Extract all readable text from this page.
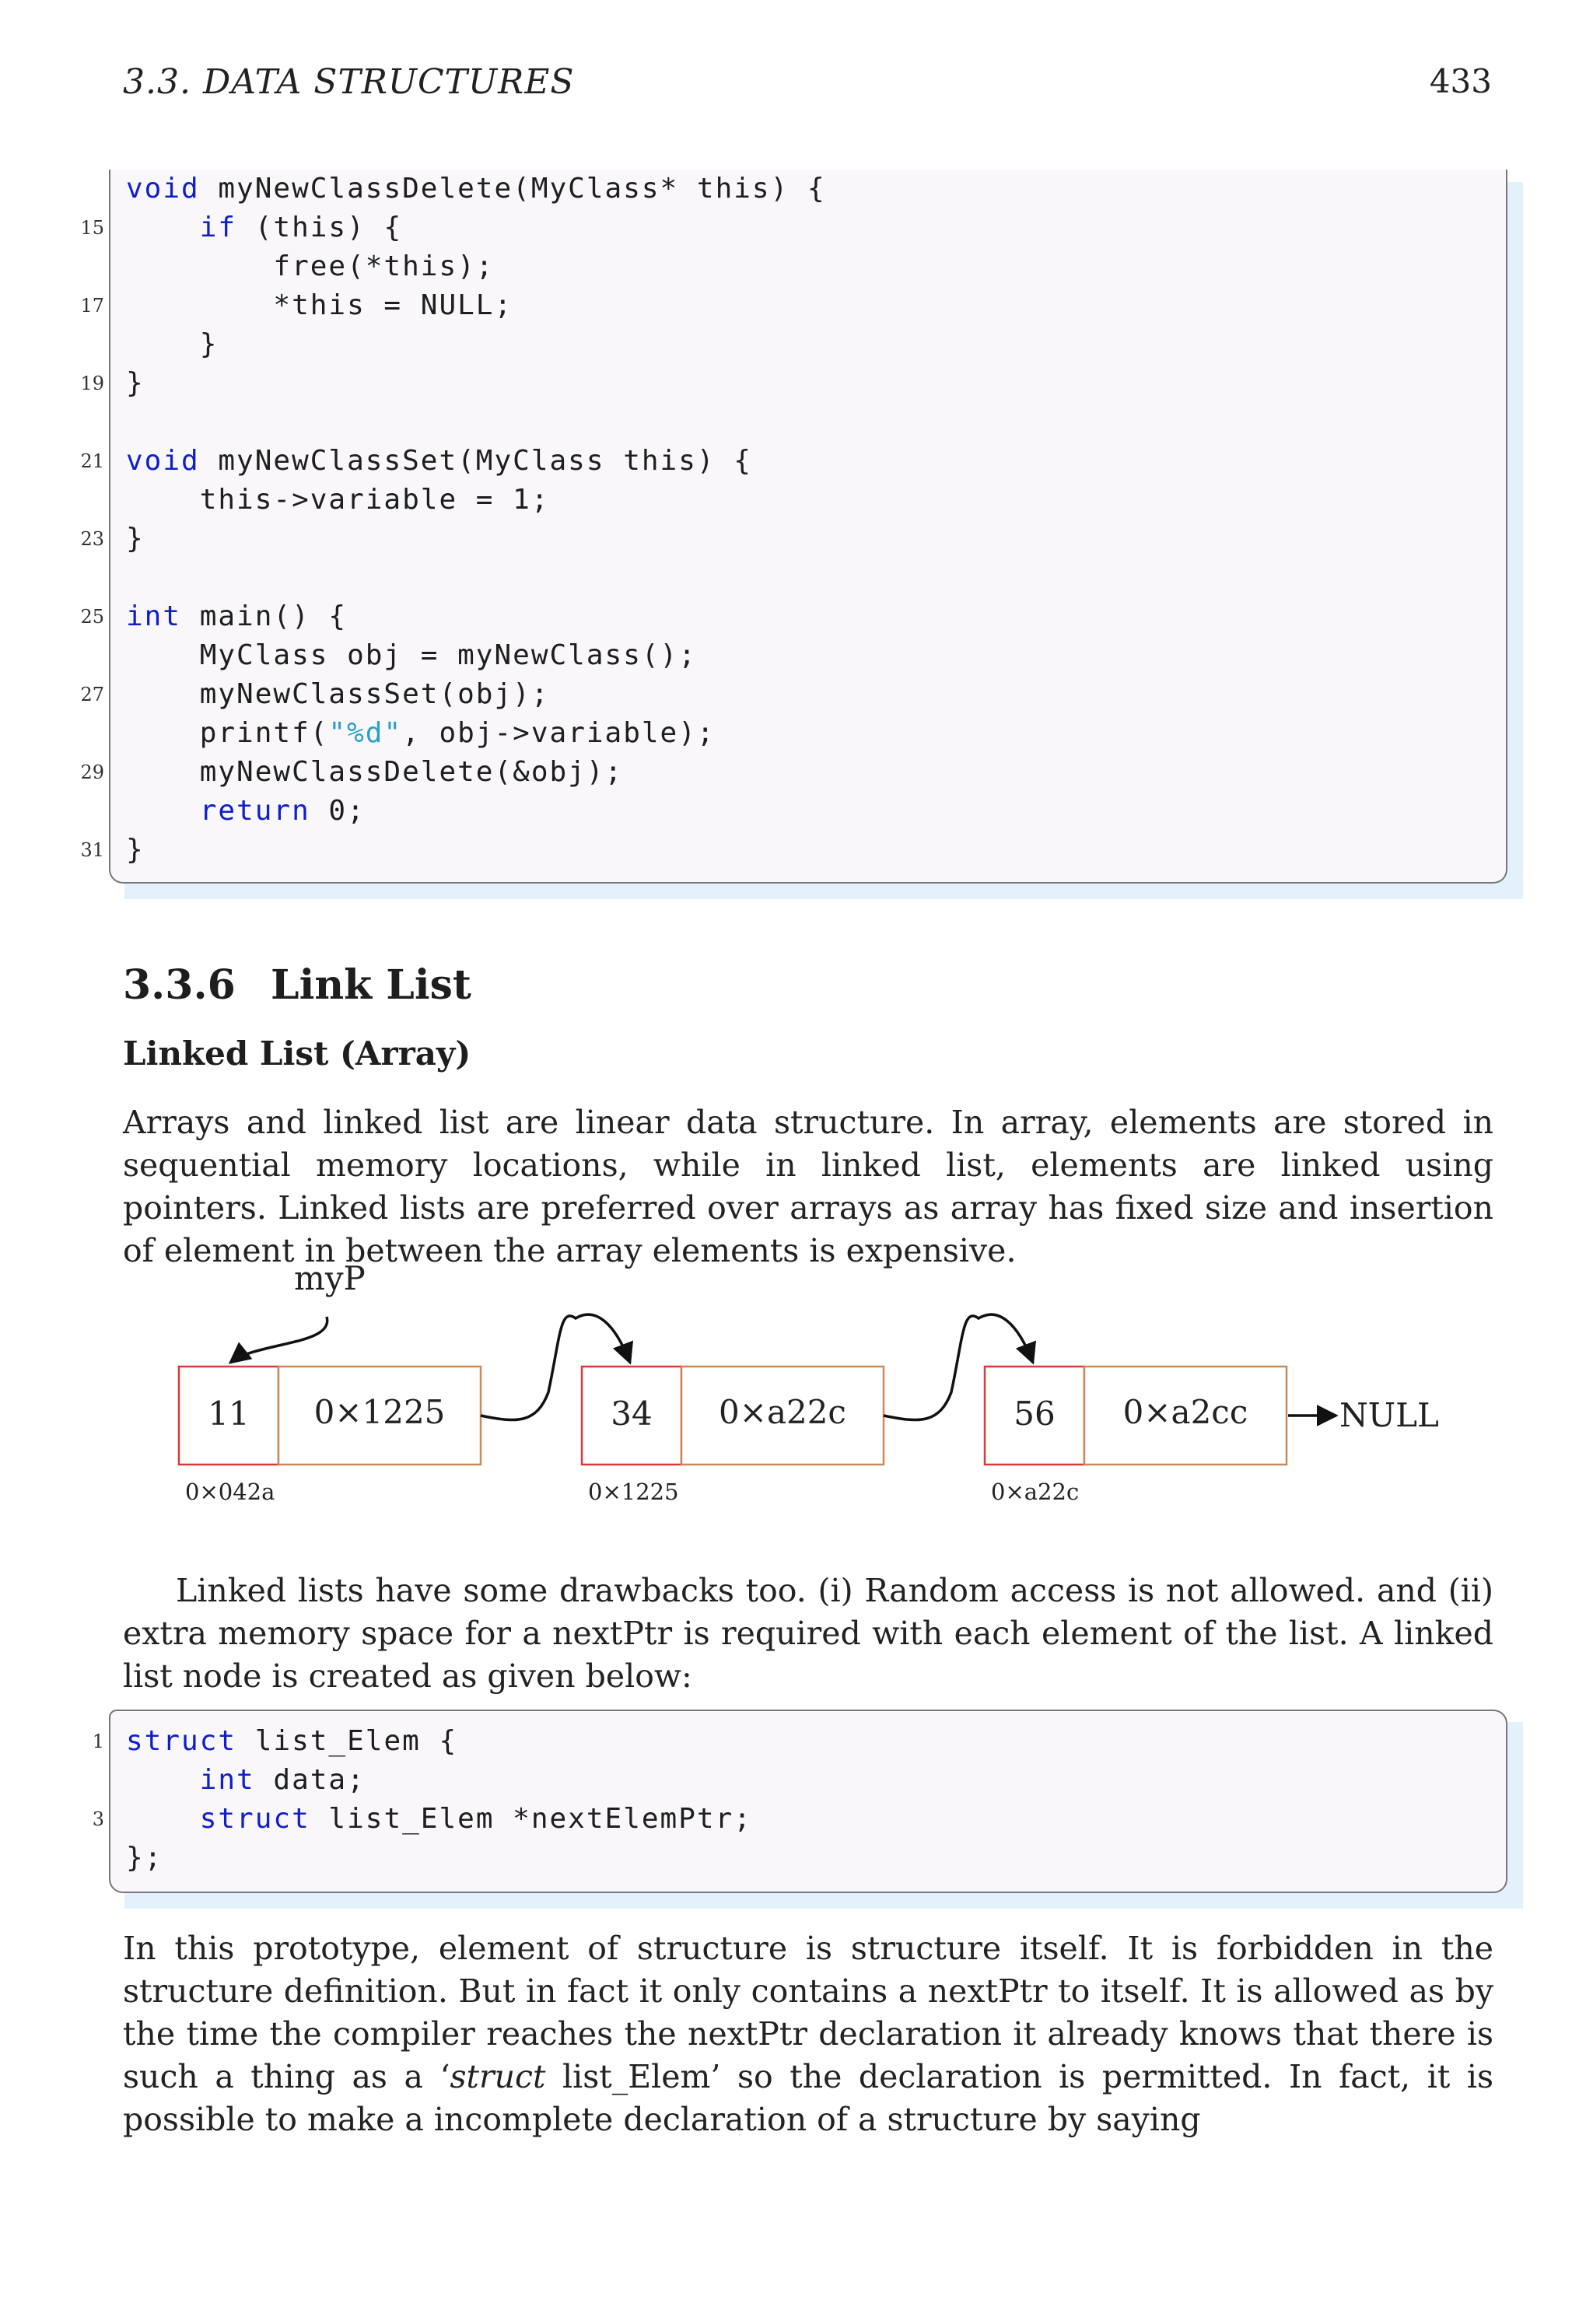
3.3. DATA STRUCTURES	433
void myNewClassDelete(MyClass* this) {
15	if (this) {
free(*this);
17 *this = NULL;
}
19 }
21 void myNewClassSet(MyClass this) {
this->variable = 1;
23 }
25 int main() {
MyClass obj = myNewClass();
27 myNewClassSet(obj);
printf("%d", obj->variable);
29 myNewClassDelete(&obj);
return 0;
31 }
3.3.6 Link List
Linked List (Array)

Arrays and linked list are linear data structure. In array, elements are stored in sequential memory locations, while in linked list, elements are linked using pointers. Linked lists are preferred over arrays as array has fixed size and insertion of element in between the array elements is expensive.

myP
11 0×1225
0×042a
34 0×a22c
0×1225
56 0×a2cc
0×a22c
NULL

Linked lists have some drawbacks too. (i) Random access is not allowed. and (ii) extra memory space for a nextPtr is required with each element of the list. A linked list node is created as given below:

1 struct list_Elem {
int data;
3	struct list_Elem *nextElemPtr;
};

In this prototype, element of structure is structure itself. It is forbidden in the structure definition. But in fact it only contains a nextPtr to itself. It is allowed as by the time the compiler reaches the nextPtr declaration it already knows that there is such a thing as a ‘struct list_Elem’ so the declaration is permitted. In fact, it is possible to make a incomplete declaration of a structure by saying
